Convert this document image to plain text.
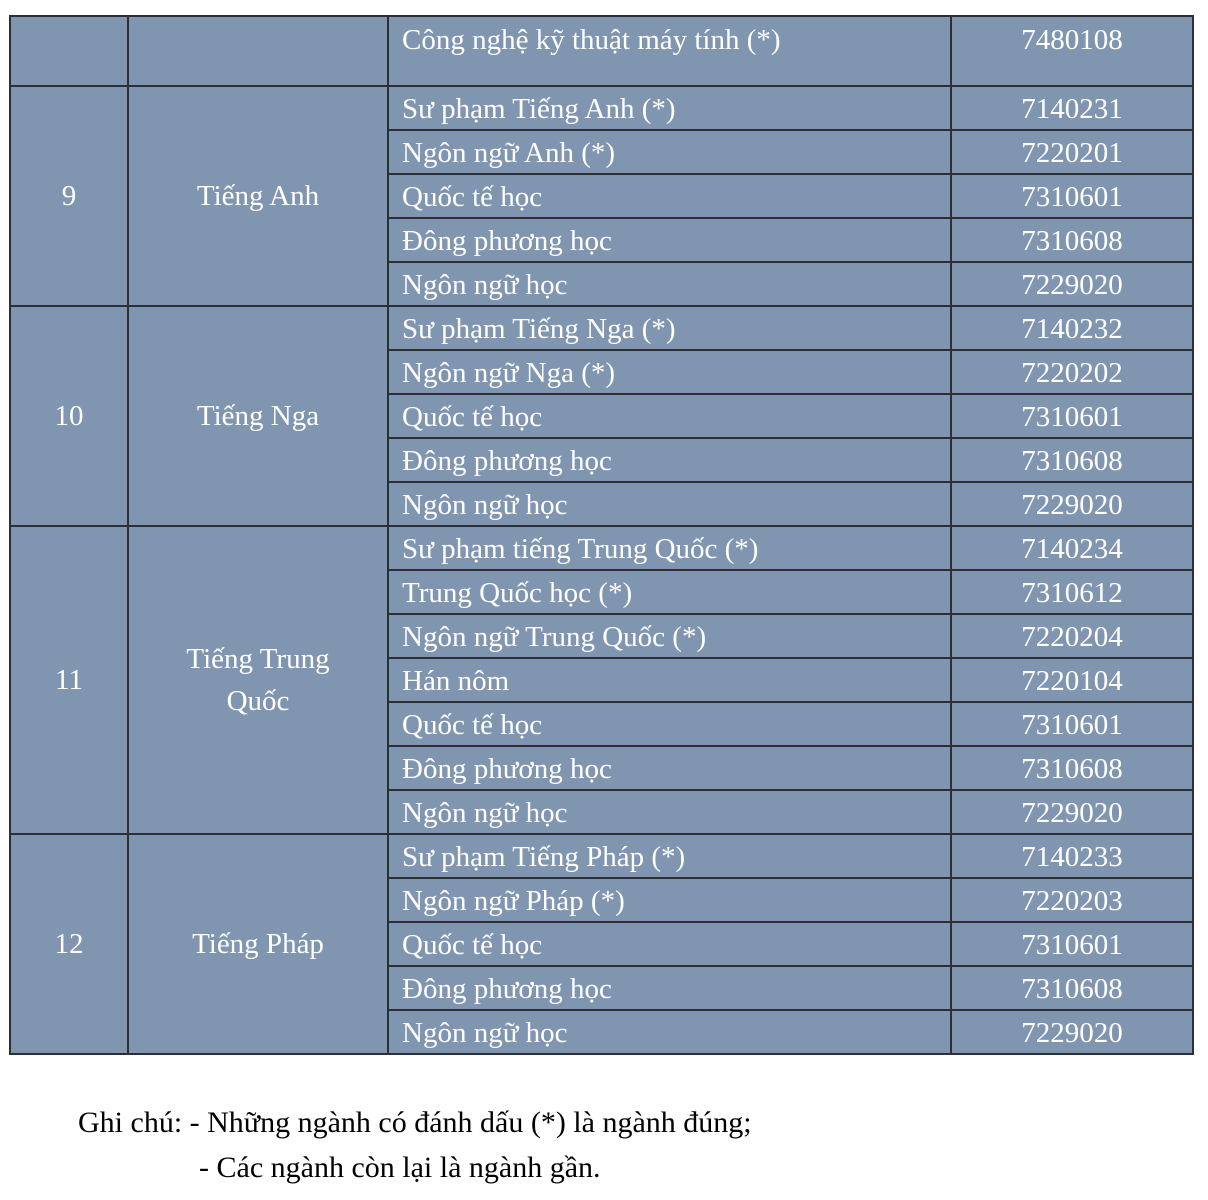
		Công nghệ kỹ thuật máy tính (*)	7480108
9	Tiếng Anh	Sư phạm Tiếng Anh (*)	7140231
		Ngôn ngữ Anh (*)	7220201
		Quốc tế học	7310601
		Đông phương học	7310608
		Ngôn ngữ học	7229020
10	Tiếng Nga	Sư phạm Tiếng Nga (*)	7140232
		Ngôn ngữ Nga (*)	7220202
		Quốc tế học	7310601
		Đông phương học	7310608
		Ngôn ngữ học	7229020
11	Tiếng Trung Quốc	Sư phạm tiếng Trung Quốc (*)	7140234
		Trung Quốc học (*)	7310612
		Ngôn ngữ Trung Quốc (*)	7220204
		Hán nôm	7220104
		Quốc tế học	7310601
		Đông phương học	7310608
		Ngôn ngữ học	7229020
12	Tiếng Pháp	Sư phạm Tiếng Pháp (*)	7140233
		Ngôn ngữ Pháp (*)	7220203
		Quốc tế học	7310601
		Đông phương học	7310608
		Ngôn ngữ học	7229020
Ghi chú: - Những ngành có đánh dấu (*) là ngành đúng;
- Các ngành còn lại là ngành gần.
